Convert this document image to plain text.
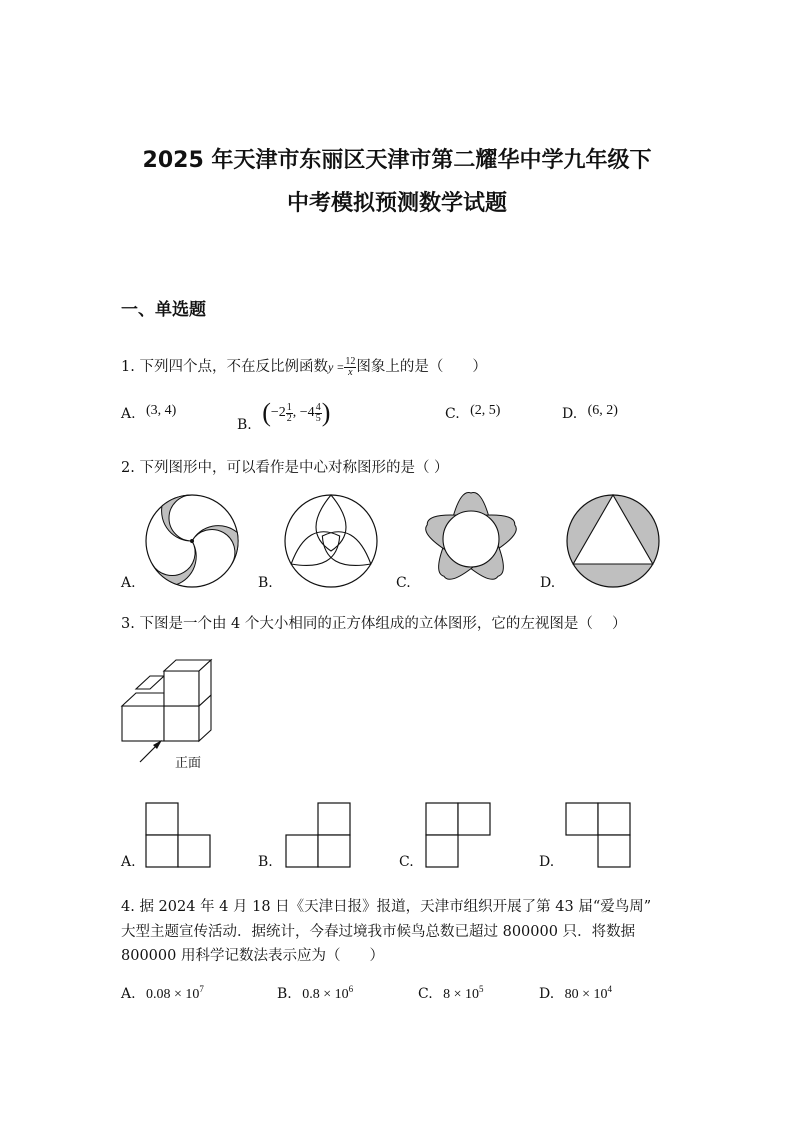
2025 年天津市东丽区天津市第二耀华中学九年级下
中考模拟预测数学试题
一、单选题
1. 下列四个点，不在反比例函数$y = \frac{12}{x}$ 图象上的是（　　）
A. (3, 4)
B. ($-2 \frac{1}{2}$ , $-4 \frac{4}{5}$ )	C. (2, 5)	D. (6, 2)
2. 下列图形中，可以看作是中心对称图形的是（ ）
A.	B.	C.	D.
3. 下图是一个由 4 个大小相同的正方体组成的立体图形，它的左视图是（　 ）
正面
A.	B.	C.	D.
4. 据 2024 年 4 月 18 日《天津日报》报道，天津市组织开展了第 43 届“爱鸟周”
大型主题宣传活动．据统计，今春过境我市候鸟总数已超过 800000 只．将数据
800000 用科学记数法表示应为（　　）
A. $0.08 \times 10^7$	B. $0.8 \times 10^6$	C. $8 \times 10^5$	D. $80 \times 10^4$
